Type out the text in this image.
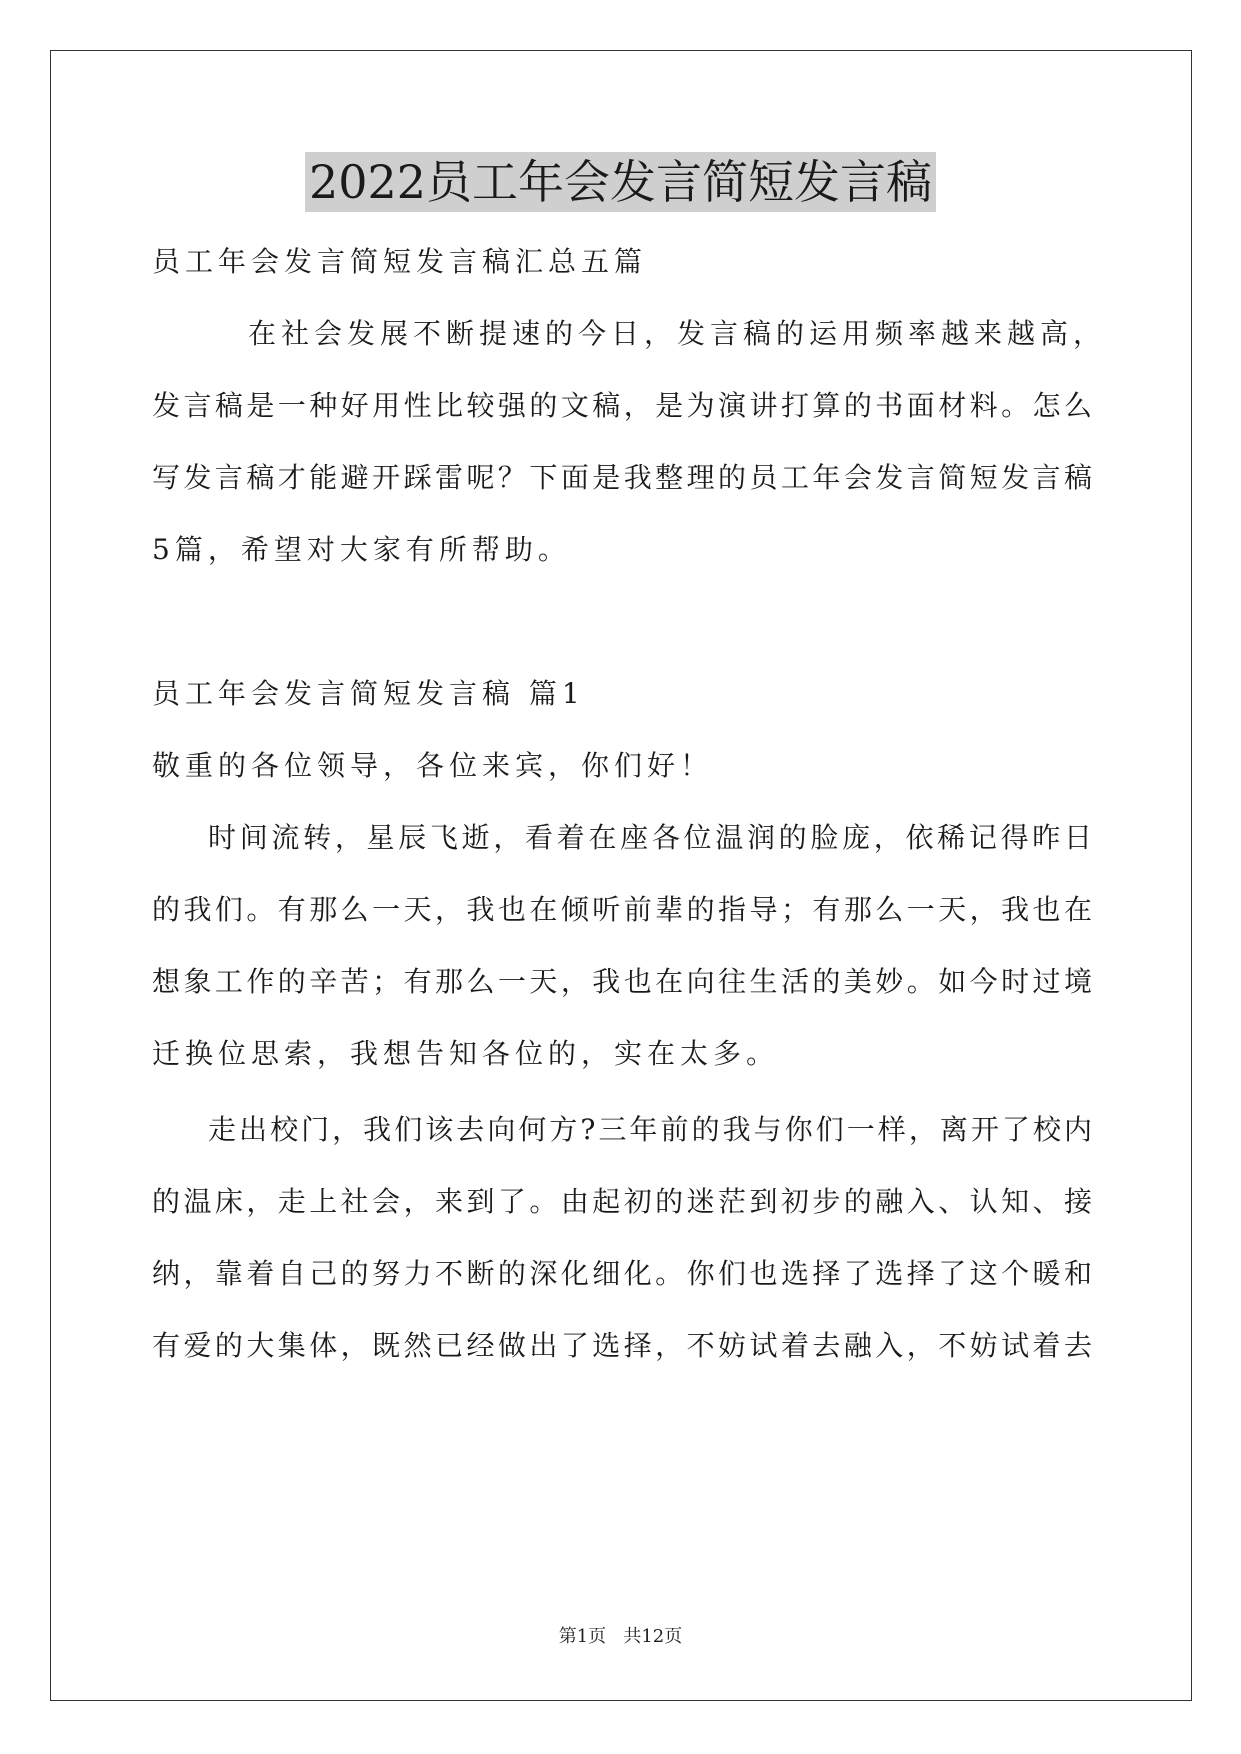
2022员工年会发言简短发言稿
员工年会发言简短发言稿汇总五篇
在社会发展不断提速的今日，发言稿的运用频率越来越高，
发言稿是一种好用性比较强的文稿，是为演讲打算的书面材料。怎么
写发言稿才能避开踩雷呢？下面是我整理的员工年会发言简短发言稿
5篇，希望对大家有所帮助。
员工年会发言简短发言稿 篇1
敬重的各位领导，各位来宾，你们好！
时间流转，星辰飞逝，看着在座各位温润的脸庞，依稀记得昨日
的我们。有那么一天，我也在倾听前辈的指导；有那么一天，我也在
想象工作的辛苦；有那么一天，我也在向往生活的美妙。如今时过境
迁换位思索，我想告知各位的，实在太多。
走出校门，我们该去向何方?三年前的我与你们一样，离开了校内
的温床，走上社会，来到了。由起初的迷茫到初步的融入、认知、接
纳，靠着自己的努力不断的深化细化。你们也选择了选择了这个暖和
有爱的大集体，既然已经做出了选择，不妨试着去融入，不妨试着去
第1页   共12页
